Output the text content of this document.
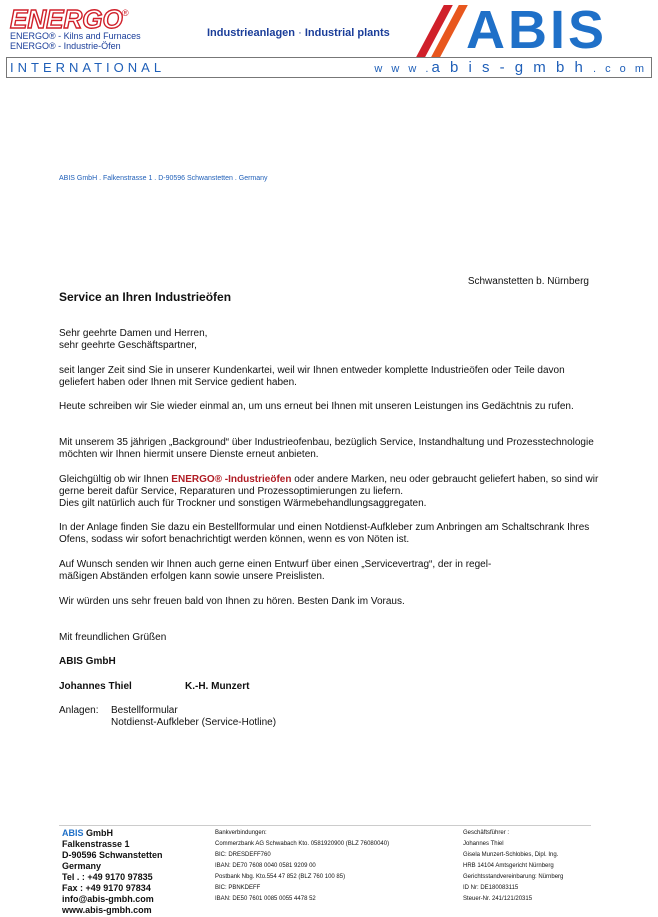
ENERGO ®
ENERGO® - Kilns and Furnaces
ENERGO® - Industrie-Öfen
Industrieanlagen · Industrial plants ABIS
INTERNATIONAL	w w w .a b i s - g m b h . c o m
ABIS GmbH . Falkenstrasse 1 . D-90596 Schwanstetten . Germany
Schwanstetten b. Nürnberg
Service an Ihren Industrieöfen
Sehr geehrte Damen und Herren,
sehr geehrte Geschäftspartner,
seit langer Zeit sind Sie in unserer Kundenkartei, weil wir Ihnen entweder komplette Industrieöfen oder Teile davon geliefert haben oder Ihnen mit Service gedient haben.
Heute schreiben wir Sie wieder einmal an, um uns erneut bei Ihnen mit unseren Leistungen ins Gedächtnis zu rufen.
Mit unserem 35 jährigen „Background“ über Industrieofenbau, bezüglich Service, Instandhaltung und Prozesstechnologie möchten wir Ihnen hiermit unsere Dienste erneut anbieten.
Gleichgültig ob wir Ihnen ENERGO® -Industrieöfen oder andere Marken, neu oder gebraucht geliefert haben, so sind wir gerne bereit dafür Service, Reparaturen und Prozessoptimierungen zu liefern.
Dies gilt natürlich auch für Trockner und sonstigen Wärmebehandlungsaggregaten.
In der Anlage finden Sie dazu ein Bestellformular und einen Notdienst-Aufkleber zum Anbringen am Schaltschrank Ihres Ofens, sodass wir sofort benachrichtigt werden können, wenn es von Nöten ist.
Auf Wunsch senden wir Ihnen auch gerne einen Entwurf über einen „Servicevertrag“, der in regel-
mäßigen Abständen erfolgen kann sowie unsere Preislisten.
Wir würden uns sehr freuen bald von Ihnen zu hören. Besten Dank im Voraus.
Mit freundlichen Grüßen
ABIS GmbH
Johannes Thiel	K.-H. Munzert
Anlagen: Bestellformular
Notdienst-Aufkleber (Service-Hotline)
ABIS GmbH
Falkenstrasse 1
D-90596 Schwanstetten
Germany
Tel . : +49 9170 97835
Fax : +49 9170 97834
info@abis-gmbh.com
www.abis-gmbh.com
Bankverbindungen:
Commerzbank AG Schwabach Kto. 0581920900 (BLZ 76080040)
BIC: DRESDEFF760
IBAN: DE70 7608 0040 0581 9209 00
Postbank Nbg. Kto.554 47 852 (BLZ 760 100 85)
BIC: PBNKDEFF
IBAN: DE50 7601 0085 0055 4478 52
Geschäftsführer :
Johannes Thiel
Gisela Munzert-Schlobies, Dipl. Ing.
HRB 14104 Amtsgericht Nürnberg
Gerichtsstandvereinbarung: Nürnberg
ID Nr: DE180083115
Steuer-Nr. 241/121/20315
